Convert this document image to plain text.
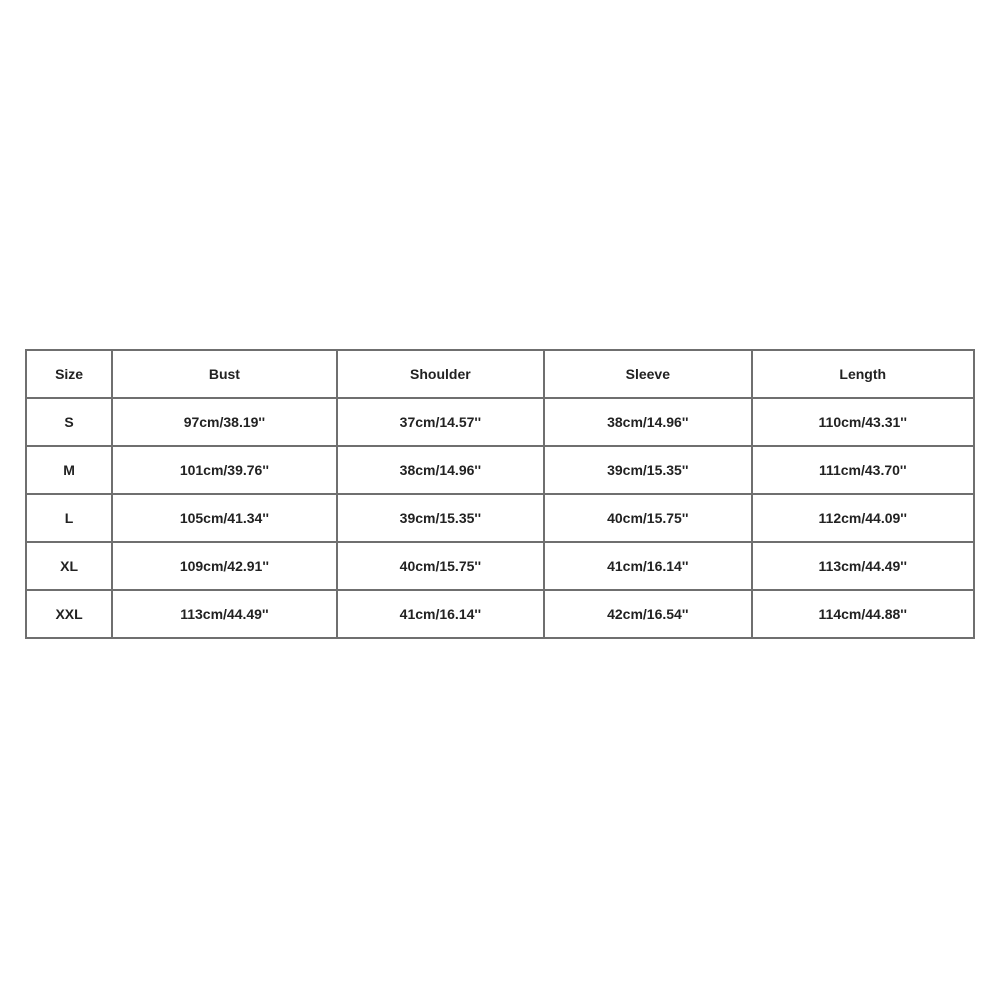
Size	Bust	Shoulder	Sleeve	Length
S	97cm/38.19''	37cm/14.57''	38cm/14.96''	110cm/43.31''
M	101cm/39.76''	38cm/14.96''	39cm/15.35''	111cm/43.70''
L	105cm/41.34''	39cm/15.35''	40cm/15.75''	112cm/44.09''
XL	109cm/42.91''	40cm/15.75''	41cm/16.14''	113cm/44.49''
XXL	113cm/44.49''	41cm/16.14''	42cm/16.54''	114cm/44.88''
